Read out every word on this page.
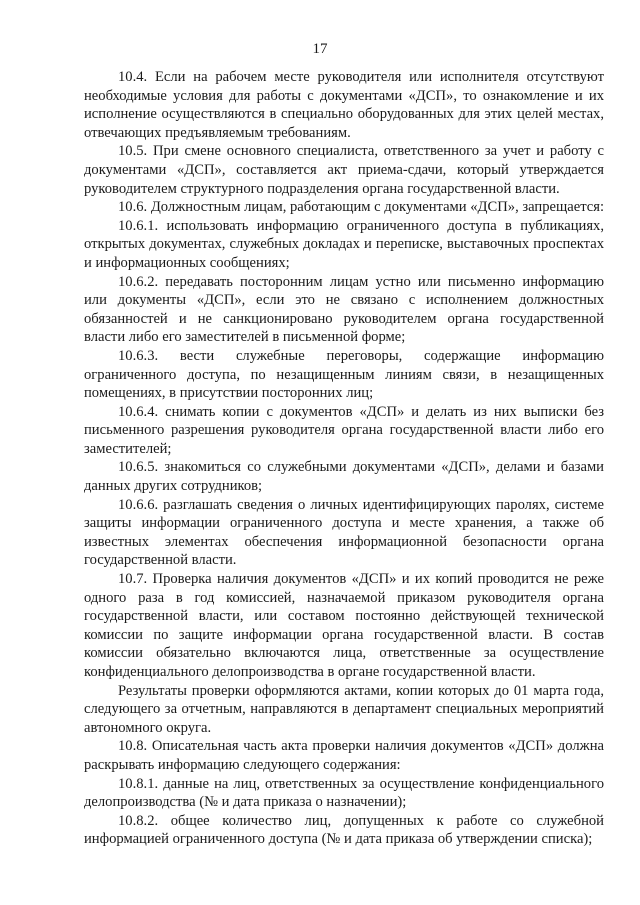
17

10.4. Если на рабочем месте руководителя или исполнителя отсутствуют необходимые условия для работы с документами «ДСП», то ознакомление и их исполнение осуществляются в специально оборудованных для этих целей местах, отвечающих предъявляемым требованиям.

10.5. При смене основного специалиста, ответственного за учет и работу с документами «ДСП», составляется акт приема-сдачи, который утверждается руководителем структурного подразделения органа государственной власти.

10.6. Должностным лицам, работающим с документами «ДСП», запрещается:

10.6.1. использовать информацию ограниченного доступа в публикациях, открытых документах, служебных докладах и переписке, выставочных проспектах и информационных сообщениях;

10.6.2. передавать посторонним лицам устно или письменно информацию или документы «ДСП», если это не связано с исполнением должностных обязанностей и не санкционировано руководителем органа государственной власти либо его заместителей в письменной форме;

10.6.3. вести служебные переговоры, содержащие информацию ограниченного доступа, по незащищенным линиям связи, в незащищенных помещениях, в присутствии посторонних лиц;

10.6.4. снимать копии с документов «ДСП» и делать из них выписки без письменного разрешения руководителя органа государственной власти либо его заместителей;

10.6.5. знакомиться со служебными документами «ДСП», делами и базами данных других сотрудников;

10.6.6. разглашать сведения о личных идентифицирующих паролях, системе защиты информации ограниченного доступа и месте хранения, а также об известных элементах обеспечения информационной безопасности органа государственной власти.

10.7. Проверка наличия документов «ДСП» и их копий проводится не реже одного раза в год комиссией, назначаемой приказом руководителя органа государственной власти, или составом постоянно действующей технической комиссии по защите информации органа государственной власти. В состав комиссии обязательно включаются лица, ответственные за осуществление конфиденциального делопроизводства в органе государственной власти.

Результаты проверки оформляются актами, копии которых до 01 марта года, следующего за отчетным, направляются в департамент специальных мероприятий автономного округа.

10.8. Описательная часть акта проверки наличия документов «ДСП» должна раскрывать информацию следующего содержания:

10.8.1. данные на лиц, ответственных за осуществление конфиденциального делопроизводства (№ и дата приказа о назначении);

10.8.2. общее количество лиц, допущенных к работе со служебной информацией ограниченного доступа (№ и дата приказа об утверждении списка);
